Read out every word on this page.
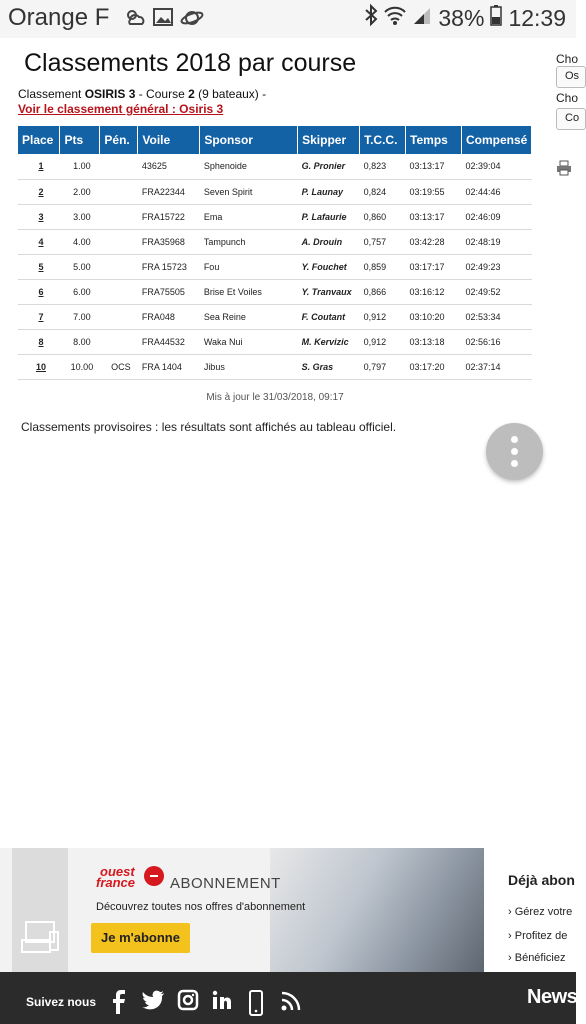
Orange F	38% 12:39
Classements 2018 par course
Classement OSIRIS 3 - Course 2 (9 bateaux) -
Voir le classement général : Osiris 3
Cho
Os
Cho
Co
Place	Pts	Pén.	Voile	Sponsor	Skipper	T.C.C.	Temps	Compensé
1	1.00		43625	Sphenoide	G. Pronier	0,823	03:13:17	02:39:04
2	2.00		FRA22344	Seven Spirit	P. Launay	0,824	03:19:55	02:44:46
3	3.00		FRA15722	Ema	P. Lafaurie	0,860	03:13:17	02:46:09
4	4.00		FRA35968	Tampunch	A. Drouin	0,757	03:42:28	02:48:19
5	5.00		FRA 15723	Fou	Y. Fouchet	0,859	03:17:17	02:49:23
6	6.00		FRA75505	Brise Et Voiles	Y. Tranvaux	0,866	03:16:12	02:49:52
7	7.00		FRA048	Sea Reine	F. Coutant	0,912	03:10:20	02:53:34
8	8.00		FRA44532	Waka Nui	M. Kervizic	0,912	03:13:18	02:56:16
10	10.00	OCS	FRA 1404	Jibus	S. Gras	0,797	03:17:20	02:37:14
Mis à jour le 31/03/2018, 09:17
Classements provisoires : les résultats sont affichés au tableau officiel.
ouest
france ABONNEMENT
Découvrez toutes nos offres d'abonnement
Je m'abonne
Déjà abon
› Gérez votre
› Profitez de
› Bénéficiez
Suivez nous	Newsl
